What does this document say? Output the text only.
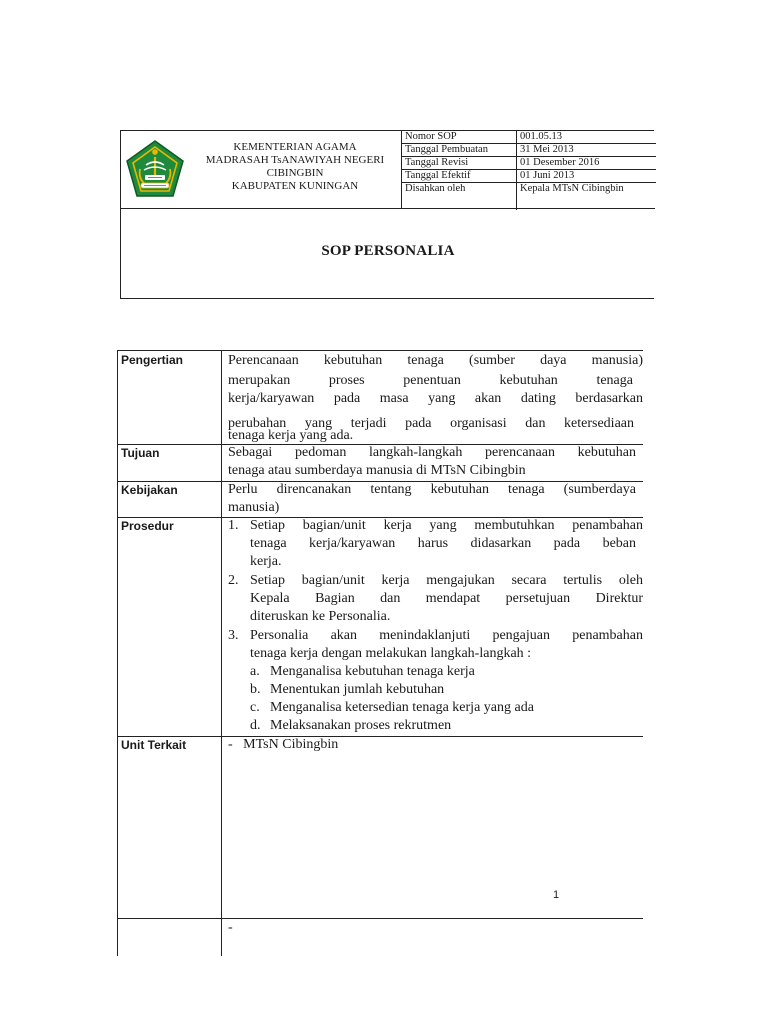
KEMENTERIAN AGAMA
MADRASAH TsANAWIYAH NEGERI
CIBINGBIN
KABUPATEN KUNINGAN
Nomor SOP	001.05.13
Tanggal Pembuatan	31 Mei 2013
Tanggal Revisi	01 Desember 2016
Tanggal Efektif	01 Juni 2013
Disahkan oleh	Kepala MTsN Cibingbin
SOP PERSONALIA
Pengertian	Perencanaan kebutuhan tenaga (sumber daya manusia)
merupakan proses penentuan kebutuhan tenaga
kerja/karyawan pada masa yang akan dating berdasarkan
perubahan yang terjadi pada organisasi dan ketersediaan
tenaga kerja yang ada.
Tujuan	Sebagai pedoman langkah-langkah perencanaan kebutuhan
tenaga atau sumberdaya manusia di MTsN Cibingbin
Kebijakan	Perlu direncanakan tentang kebutuhan tenaga (sumberdaya
manusia)
Prosedur	1. Setiap bagian/unit kerja yang membutuhkan penambahan
tenaga kerja/karyawan harus didasarkan pada beban
kerja.
2. Setiap bagian/unit kerja mengajukan secara tertulis oleh
Kepala Bagian dan mendapat persetujuan Direktur
diteruskan ke Personalia.
3. Personalia akan menindaklanjuti pengajuan penambahan
tenaga kerja dengan melakukan langkah-langkah :
a. Menganalisa kebutuhan tenaga kerja
b. Menentukan jumlah kebutuhan
c. Menganalisa ketersedian tenaga kerja yang ada
d. Melaksanakan proses rekrutmen
Unit Terkait	-   MTsN Cibingbin
-
1
